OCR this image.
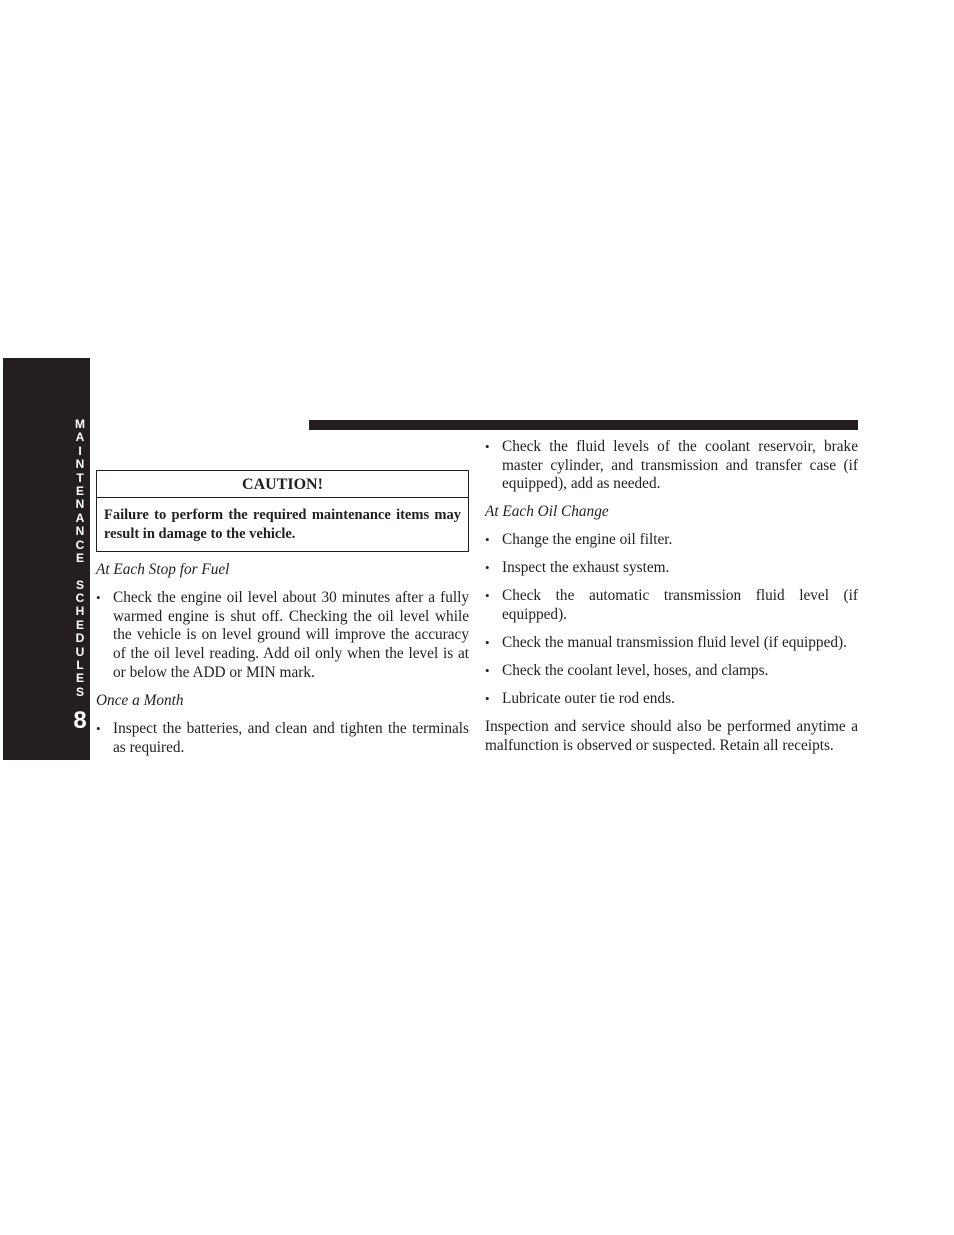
M
A
I
N
T
E
N
A
N
C
E
S
C
H
E
D
U
L
E
S
8
CAUTION!
Failure to perform the required maintenance items may result in damage to the vehicle.
At Each Stop for Fuel
• Check the engine oil level about 30 minutes after a fully warmed engine is shut off. Checking the oil level while the vehicle is on level ground will improve the accuracy of the oil level reading. Add oil only when the level is at or below the ADD or MIN mark.
Once a Month
• Inspect the batteries, and clean and tighten the terminals as required.
• Check the fluid levels of the coolant reservoir, brake master cylinder, and transmission and transfer case (if equipped), add as needed.
At Each Oil Change
• Change the engine oil filter.
• Inspect the exhaust system.
• Check the automatic transmission fluid level (if equipped).
• Check the manual transmission fluid level (if equipped).
• Check the coolant level, hoses, and clamps.
• Lubricate outer tie rod ends.

Inspection and service should also be performed anytime a malfunction is observed or suspected. Retain all receipts.
